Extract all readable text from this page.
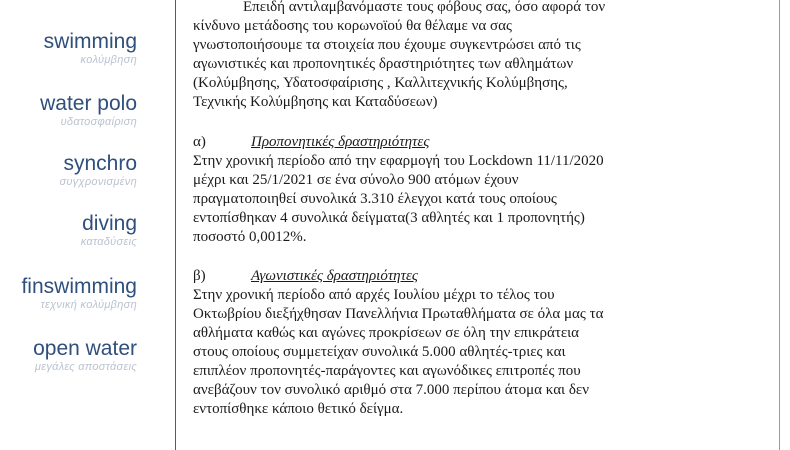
swimming
κολύμβηση
water polo
υδατοσφαίριση
synchro
συγχρονισμένη
diving
καταδύσεις
finswimming
τεχνική κολύμβηση
open water
μεγάλες αποστάσεις
Επειδή αντιλαμβανόμαστε τους φόβους σας, όσο αφορά τον
κίνδυνο μετάδοσης του κορωνοϊού θα θέλαμε να σας
γνωστοποιήσουμε τα στοιχεία που έχουμε συγκεντρώσει από τις
αγωνιστικές και προπονητικές δραστηριότητες των αθλημάτων
(Κολύμβησης, Υδατοσφαίρισης , Καλλιτεχνικής Κολύμβησης,
Τεχνικής Κολύμβησης και Καταδύσεων)
α)	Προπονητικές δραστηριότητες
Στην χρονική περίοδο από την εφαρμογή του Lockdown 11/11/2020
μέχρι και 25/1/2021 σε ένα σύνολο 900 ατόμων έχουν
πραγματοποιηθεί συνολικά 3.310 έλεγχοι κατά τους οποίους
εντοπίσθηκαν 4 συνολικά δείγματα(3 αθλητές και 1 προπονητής)
ποσοστό 0,0012%.
β)	Αγωνιστικές δραστηριότητες
Στην χρονική περίοδο από αρχές Ιουλίου μέχρι το τέλος του
Οκτωβρίου διεξήχθησαν Πανελλήνια Πρωταθλήματα σε όλα μας τα
αθλήματα καθώς και αγώνες προκρίσεων σε όλη την επικράτεια
στους οποίους συμμετείχαν συνολικά 5.000 αθλητές-τριες και
επιπλέον προπονητές-παράγοντες και αγωνόδικες επιτροπές που
ανεβάζουν τον συνολικό αριθμό στα 7.000 περίπου άτομα και δεν
εντοπίσθηκε κάποιο θετικό δείγμα.
